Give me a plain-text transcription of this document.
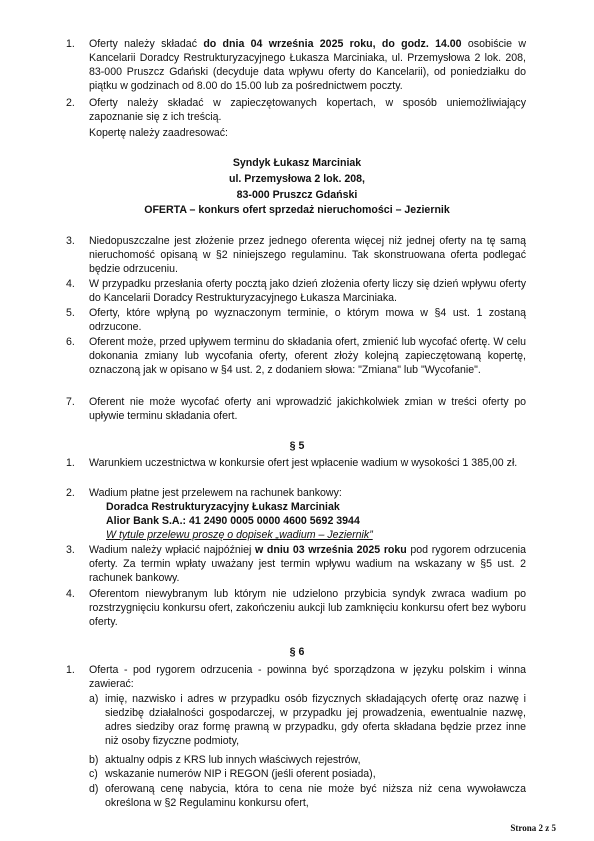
1. Oferty należy składać do dnia 04 września 2025 roku, do godz. 14.00 osobiście w Kancelarii Doradcy Restrukturyzacyjnego Łukasza Marciniaka, ul. Przemysłowa 2 lok. 208, 83-000 Pruszcz Gdański (decyduje data wpływu oferty do Kancelarii), od poniedziałku do piątku w godzinach od 8.00 do 15.00 lub za pośrednictwem poczty.
2. Oferty należy składać w zapieczętowanych kopertach, w sposób uniemożliwiający zapoznanie się z ich treścią.
Kopertę należy zaadresować:
Syndyk Łukasz Marciniak
ul. Przemysłowa 2 lok. 208,
83-000 Pruszcz Gdański
OFERTA – konkurs ofert sprzedaż nieruchomości – Jeziernik
3. Niedopuszczalne jest złożenie przez jednego oferenta więcej niż jednej oferty na tę samą nieruchomość opisaną w §2 niniejszego regulaminu. Tak skonstruowana oferta podlegać będzie odrzuceniu.
4. W przypadku przesłania oferty pocztą jako dzień złożenia oferty liczy się dzień wpływu oferty do Kancelarii Doradcy Restrukturyzacyjnego Łukasza Marciniaka.
5. Oferty, które wpłyną po wyznaczonym terminie, o którym mowa w §4 ust. 1 zostaną odrzucone.
6. Oferent może, przed upływem terminu do składania ofert, zmienić lub wycofać ofertę. W celu dokonania zmiany lub wycofania oferty, oferent złoży kolejną zapieczętowaną kopertę, oznaczoną jak w opisano w §4 ust. 2, z dodaniem słowa: "Zmiana" lub "Wycofanie".
7. Oferent nie może wycofać oferty ani wprowadzić jakichkolwiek zmian w treści oferty po upływie terminu składania ofert.
§ 5
1. Warunkiem uczestnictwa w konkursie ofert jest wpłacenie wadium w wysokości 1 385,00 zł.
2. Wadium płatne jest przelewem na rachunek bankowy:
Doradca Restrukturyzacyjny Łukasz Marciniak
Alior Bank S.A.: 41 2490 0005 0000 4600 5692 3944
W tytule przelewu proszę o dopisek „wadium – Jeziernik”
3. Wadium należy wpłacić najpóźniej w dniu 03 września 2025 roku pod rygorem odrzucenia oferty. Za termin wpłaty uważany jest termin wpływu wadium na wskazany w §5 ust. 2 rachunek bankowy.
4. Oferentom niewybranym lub którym nie udzielono przybicia syndyk zwraca wadium po rozstrzygnięciu konkursu ofert, zakończeniu aukcji lub zamknięciu konkursu ofert bez wyboru oferty.
§ 6
1. Oferta - pod rygorem odrzucenia - powinna być sporządzona w języku polskim i winna zawierać:
a) imię, nazwisko i adres w przypadku osób fizycznych składających ofertę oraz nazwę i siedzibę działalności gospodarczej, w przypadku jej prowadzenia, ewentualnie nazwę, adres siedziby oraz formę prawną w przypadku, gdy oferta składana będzie przez inne niż osoby fizyczne podmioty,
b) aktualny odpis z KRS lub innych właściwych rejestrów,
c) wskazanie numerów NIP i REGON (jeśli oferent posiada),
d) oferowaną cenę nabycia, która to cena nie może być niższa niż cena wywoławcza określona w §2 Regulaminu konkursu ofert,
Strona 2 z 5
